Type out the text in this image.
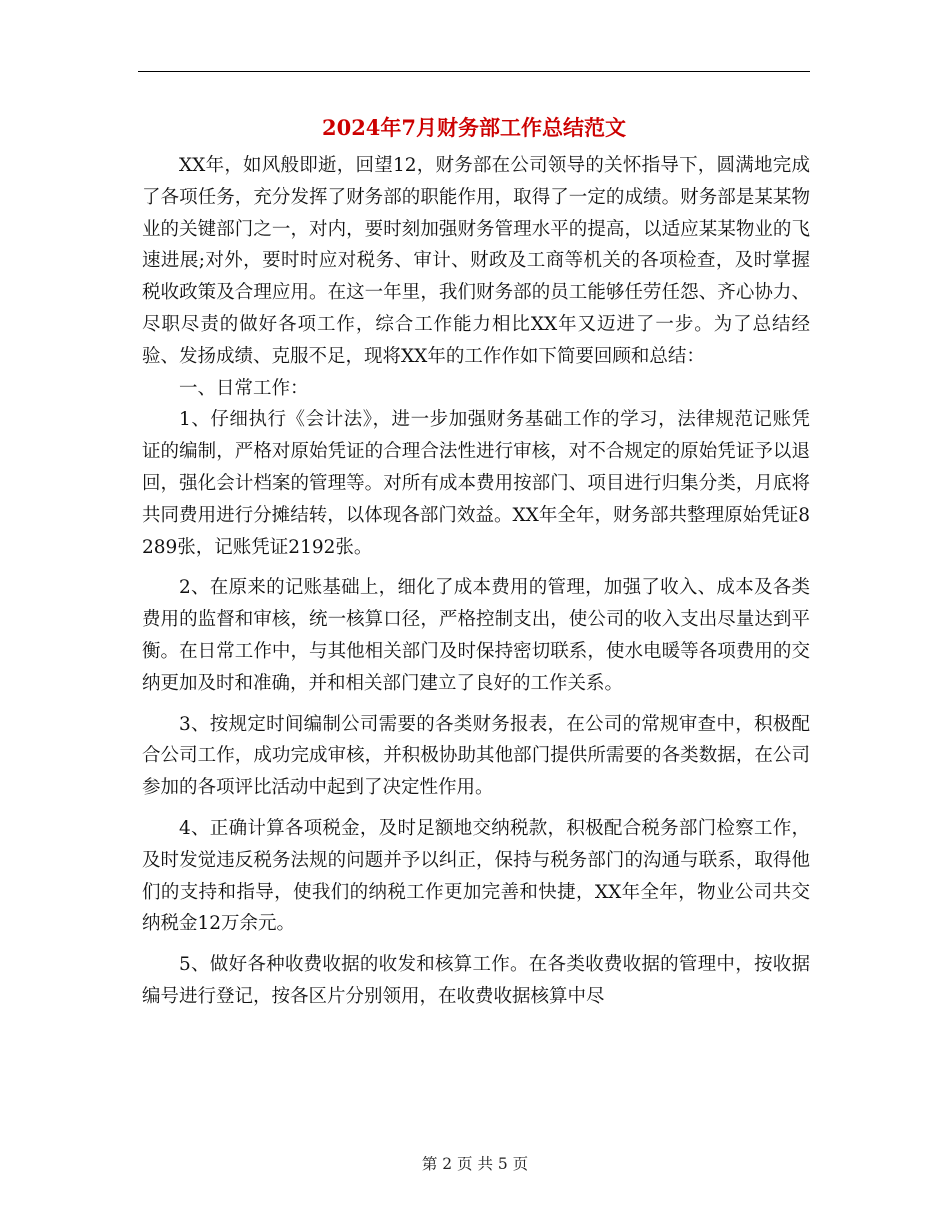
2024年7月财务部工作总结范文

XX年，如风般即逝，回望12，财务部在公司领导的关怀指导下，圆满地完成了各项任务，充分发挥了财务部的职能作用，取得了一定的成绩。财务部是某某物业的关键部门之一，对内，要时刻加强财务管理水平的提高，以适应某某物业的飞速进展;对外，要时时应对税务、审计、财政及工商等机关的各项检查，及时掌握税收政策及合理应用。在这一年里，我们财务部的员工能够任劳任怨、齐心协力、尽职尽责的做好各项工作，综合工作能力相比XX年又迈进了一步。为了总结经验、发扬成绩、克服不足，现将XX年的工作作如下简要回顾和总结：

一、日常工作：

1、仔细执行《会计法》，进一步加强财务基础工作的学习，法律规范记账凭证的编制，严格对原始凭证的合理合法性进行审核，对不合规定的原始凭证予以退回，强化会计档案的管理等。对所有成本费用按部门、项目进行归集分类，月底将共同费用进行分摊结转，以体现各部门效益。XX年全年，财务部共整理原始凭证8289张，记账凭证2192张。

2、在原来的记账基础上，细化了成本费用的管理，加强了收入、成本及各类费用的监督和审核，统一核算口径，严格控制支出，使公司的收入支出尽量达到平衡。在日常工作中，与其他相关部门及时保持密切联系，使水电暖等各项费用的交纳更加及时和准确，并和相关部门建立了良好的工作关系。

3、按规定时间编制公司需要的各类财务报表，在公司的常规审查中，积极配合公司工作，成功完成审核，并积极协助其他部门提供所需要的各类数据，在公司参加的各项评比活动中起到了决定性作用。

4、正确计算各项税金，及时足额地交纳税款，积极配合税务部门检察工作，及时发觉违反税务法规的问题并予以纠正，保持与税务部门的沟通与联系，取得他们的支持和指导，使我们的纳税工作更加完善和快捷，XX年全年，物业公司共交纳税金12万余元。

5、做好各种收费收据的收发和核算工作。在各类收费收据的管理中，按收据编号进行登记，按各区片分别领用，在收费收据核算中尽

第 2 页 共 5 页
